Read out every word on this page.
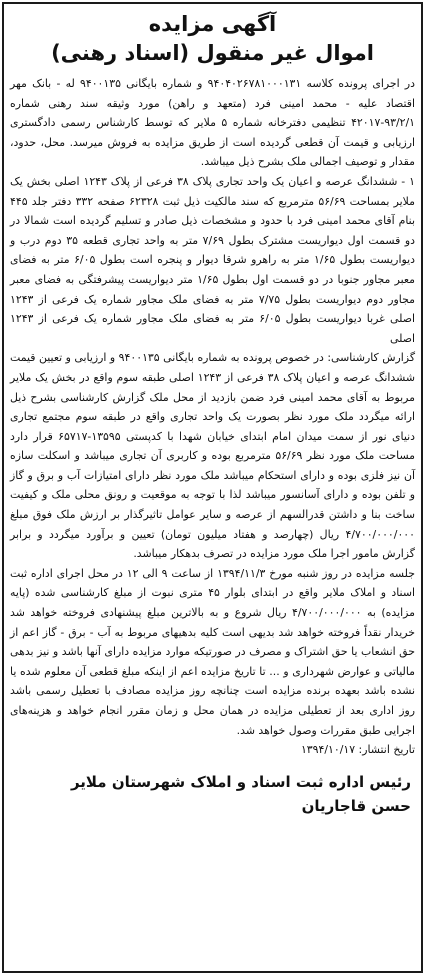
آگهی مزایده
اموال غیر منقول (اسناد رهنی)

در اجرای پرونده کلاسه ۹۴۰۴۰۲۶۷۸۱۰۰۰۱۳۱ و شماره بایگانی ۹۴۰۰۱۳۵ له - بانک مهر اقتصاد علیه - محمد امینی فرد (متعهد و راهن) مورد وثیقه سند رهنی شماره ۹۳/۲/۱-۴۲۰۱۷ تنظیمی دفترخانه شماره ۵ ملایر که توسط کارشناس رسمی دادگستری ارزیابی و قیمت آن قطعی گردیده است از طریق مزایده به فروش میرسد. محل، حدود، مقدار و توصیف اجمالی ملک بشرح ذیل میباشد.

۱ - ششدانگ عرصه و اعیان یک واحد تجاری پلاک ۳۸ فرعی از پلاک ۱۲۴۳ اصلی بخش یک ملایر بمساحت ۵۶/۶۹ مترمربع که سند مالکیت ذیل ثبت ۶۲۳۲۸ صفحه ۳۳۲ دفتر جلد ۴۴۵ بنام آقای محمد امینی فرد با حدود و مشخصات ذیل صادر و تسلیم گردیده است شمالا در دو قسمت اول دیواریست مشترک بطول ۷/۶۹ متر به واحد تجاری قطعه ۳۵ دوم درب و دیواریست بطول ۱/۶۵ متر به راهرو شرقا دیوار و پنجره است بطول ۶/۰۵ متر به فضای معبر مجاور جنوبا در دو قسمت اول بطول ۱/۶۵ متر دیواریست پیشرفتگی به فضای معبر مجاور دوم دیواریست بطول ۷/۷۵ متر به فضای ملک مجاور شماره یک فرعی از ۱۲۴۳ اصلی غربا دیواریست بطول ۶/۰۵ متر به فضای ملک مجاور شماره یک فرعی از ۱۲۴۳ اصلی

گزارش کارشناسی: در خصوص پرونده به شماره بایگانی ۹۴۰۰۱۳۵ و ارزیابی و تعیین قیمت ششدانگ عرصه و اعیان پلاک ۳۸ فرعی از ۱۲۴۳ اصلی طبقه سوم واقع در بخش یک ملایر مربوط به آقای محمد امینی فرد ضمن بازدید از محل ملک گزارش کارشناسی بشرح ذیل ارائه میگردد ملک مورد نظر بصورت یک واحد تجاری واقع در طبقه سوم مجتمع تجاری دنیای نور از سمت میدان امام ابتدای خیابان شهدا با کدپستی ۱۳۵۹۵-۶۵۷۱۷ قرار دارد مساحت ملک مورد نظر ۵۶/۶۹ مترمربع بوده و کاربری آن تجاری میباشد و اسکلت سازه آن نیز فلزی بوده و دارای استحکام میباشد ملک مورد نظر دارای امتیازات آب و برق و گاز و تلفن بوده و دارای آسانسور میباشد لذا با توجه به موقعیت و رونق محلی ملک و کیفیت ساخت بنا و داشتن قدرالسهم از عرصه و سایر عوامل تاثیرگذار بر ارزش ملک فوق مبلغ ۴/۷۰۰/۰۰۰/۰۰۰ ریال (چهارصد و هفتاد میلیون تومان) تعیین و برآورد میگردد و برابر گزارش مامور اجرا ملک مورد مزایده در تصرف بدهکار میباشد.

جلسه مزایده در روز شنبه مورخ ۱۳۹۴/۱۱/۳ از ساعت ۹ الی ۱۲ در محل اجرای اداره ثبت اسناد و املاک ملایر واقع در ابتدای بلوار ۴۵ متری نبوت از مبلغ کارشناسی شده (پایه مزایده) به ۴/۷۰۰/۰۰۰/۰۰۰ ریال شروع و به بالاترین مبلغ پیشنهادی فروخته خواهد شد خریدار نقداً فروخته خواهد شد بدیهی است کلیه بدهیهای مربوط به آب - برق - گاز اعم از حق انشعاب یا حق اشتراک و مصرف در صورتیکه موارد مزایده دارای آنها باشد و نیز بدهی مالیاتی و عوارض شهرداری و ... تا تاریخ مزایده اعم از اینکه مبلغ قطعی آن معلوم شده یا نشده باشد بعهده برنده مزایده است چنانچه روز مزایده مصادف با تعطیل رسمی باشد روز اداری بعد از تعطیلی مزایده در همان محل و زمان مقرر انجام خواهد و هزینه‌های اجرایی طبق مقررات وصول خواهد شد.

تاریخ انتشار: ۱۳۹۴/۱۰/۱۷

رئیس اداره ثبت اسناد و املاک شهرستان ملایر
حسن قاجاریان
